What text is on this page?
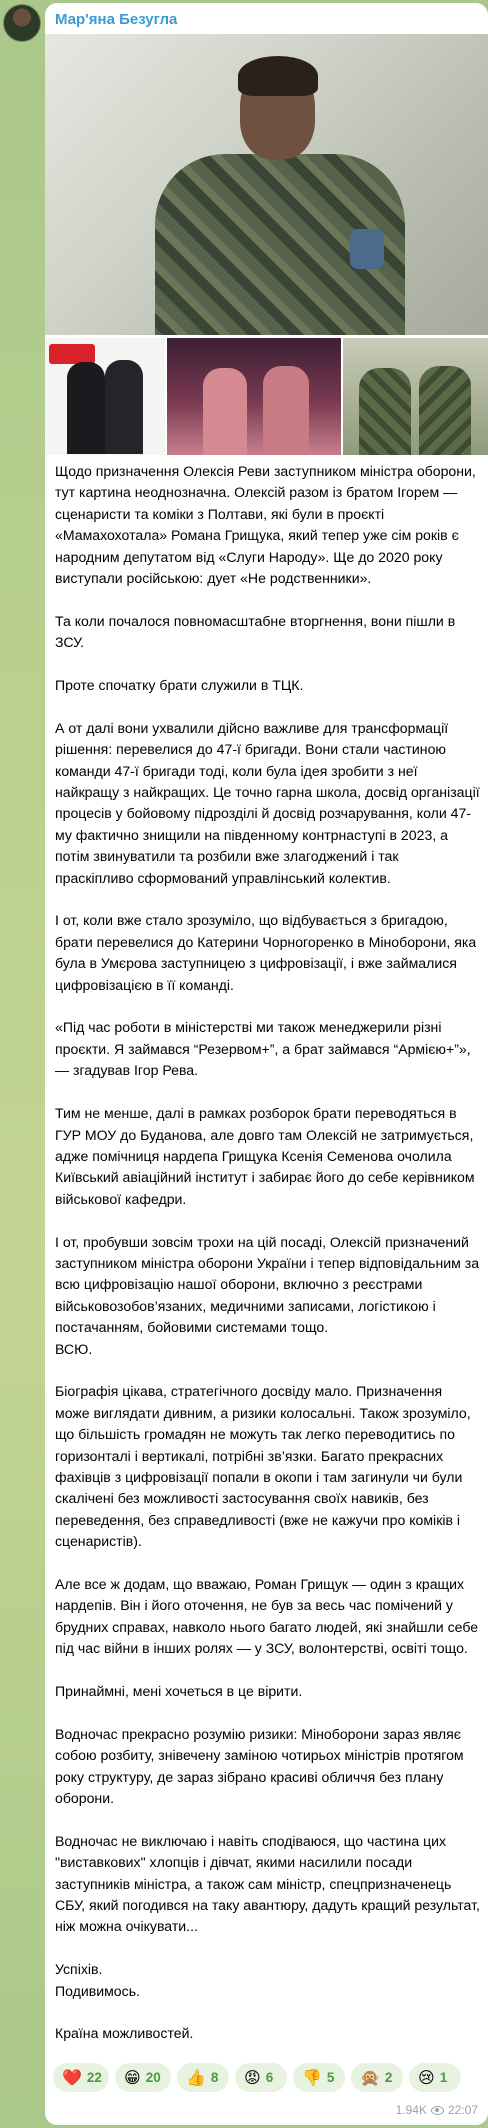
Мар'яна Безугла

Щодо призначення Олексія Реви заступником міністра оборони, тут картина неоднозначна. Олексій разом із братом Ігорем — сценаристи та коміки з Полтави, які були в проєкті «Мамахохотала» Романа Грищука, який тепер уже сім років є народним депутатом від «Слуги Народу». Ще до 2020 року виступали російською: дует «Не родственники».

Та коли почалося повномасштабне вторгнення, вони пішли в ЗСУ.

Проте спочатку брати служили в ТЦК.

А от далі вони ухвалили дійсно важливе для трансформації рішення: перевелися до 47-ї бригади. Вони стали частиною команди 47-ї бригади тоді, коли була ідея зробити з неї найкращу з найкращих. Це точно гарна школа, досвід організації процесів у бойовому підрозділі й досвід розчарування, коли 47-му фактично знищили на південному контрнаступі в 2023, а потім звинуватили та розбили вже злагоджений і так праскіпливо сформований управлінський колектив.

І от, коли вже стало зрозуміло, що відбувається з бригадою, брати перевелися до Катерини Чорногоренко в Міноборони, яка була в Умєрова заступницею з цифровізації, і вже займалися цифровізацією в її команді.

«Під час роботи в міністерстві ми також менеджерили різні проєкти. Я займався “Резервом+”, а брат займався “Армією+”», — згадував Ігор Рева.

Тим не менше, далі в рамках розборок брати переводяться в ГУР МОУ до Буданова, але довго там Олексій не затримується, адже помічниця нардепа Грищука Ксенія Семенова очолила Київський авіаційний інститут і забирає його до себе керівником військової кафедри.

І от, пробувши зовсім трохи на цій посаді, Олексій призначений заступником міністра оборони України і тепер відповідальним за всю цифровізацію нашої оборони, включно з реєстрами військовозобов’язаних, медичними записами, логістикою і постачанням, бойовими системами тощо.
ВСЮ.

Біографія цікава, стратегічного досвіду мало. Призначення може виглядати дивним, а ризики колосальні. Також зрозуміло, що більшість громадян не можуть так легко переводитись по горизонталі і вертикалі, потрібні зв’язки. Багато прекрасних фахівців з цифровізації попали в окопи і там загинули чи були скалічені без можливості застосування своїх навиків, без переведення, без справедливості (вже не кажучи про коміків і сценаристів).

Але все ж додам, що вважаю, Роман Грищук — один з кращих нардепів. Він і його оточення, не був за весь час помічений у брудних справах, навколо нього багато людей, які знайшли себе під час війни в інших ролях — у ЗСУ, волонтерстві, освіті тощо.

Принаймні, мені хочеться в це вірити.

Водночас прекрасно розумію ризики: Міноборони зараз являє собою розбиту, знівечену заміною чотирьох міністрів протягом року структуру, де зараз зібрано красиві обличчя без плану оборони.

Водночас не виключаю і навіть сподіваюся, що частина цих "виставкових" хлопців і дівчат, якими насилили посади заступників міністра, а також сам міністр, спецпризначенець СБУ, який погодився на таку авантюру, дадуть кращий результат, ніж можна очікувати...

Успіхів.
Подивимось.

Країна можливостей.

❤️ 22 😁 20 👍 8 😡 6 👎 5 🙊 2 😢 1
1.94K 22:07
